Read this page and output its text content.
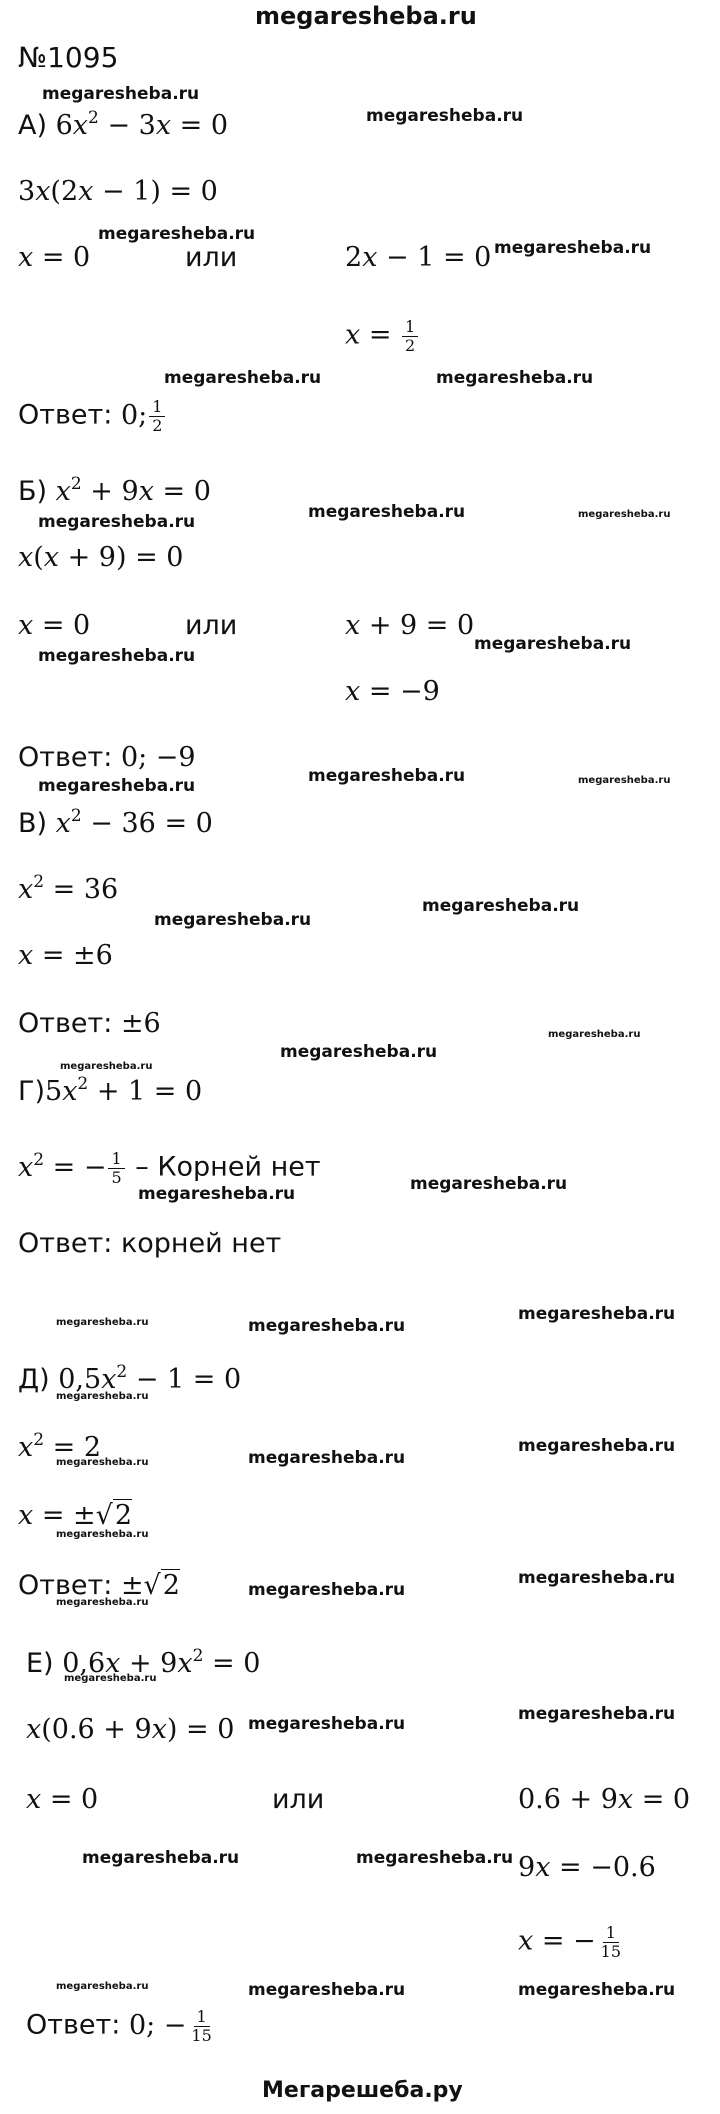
megaresheba.ru
Мегарешеба.ру
№1095
А) $6x^2 - 3x = 0$
3x(2x − 1) = 0
x = 0	или	2x − 1 = 0
$x = \frac{1}{2}$
Ответ: 0; $\frac{1}{2}$
Б) $x^2 + 9x = 0$
x(x + 9) = 0
x = 0	или	x + 9 = 0
x = −9
Ответ: 0; −9
В) $x^2 - 36 = 0$
$x^2 = 36$
x = ±6
Ответ: ±6
$Г)5x^2 + 1 = 0$
$x^2$ = − $\frac{1}{5}$ – Корней нет
Ответ: корней нет
Д) $0,5x^2 - 1 = 0$
$x^2 = 2$
x = ±√2
Ответ: ±√2
Е) $0,6x + 9x^2 = 0$
x(0.6 + 9x) = 0
x = 0	или	0.6 + 9x = 0
9x = −0.6
x = − $\frac{1}{15}$
Ответ: 0; − $\frac{1}{15}$
megaresheba.ru
megaresheba.ru
megaresheba.ru
megaresheba.ru
megaresheba.ru	megaresheba.ru
megaresheba.ru	megaresheba.ru	megaresheba.ru
megaresheba.ru
megaresheba.ru
megaresheba.ru	megaresheba.ru	megaresheba.ru
megaresheba.ru
megaresheba.ru
megaresheba.ru
megaresheba.ru
megaresheba.ru
megaresheba.ru	megaresheba.ru
megaresheba.ru	megaresheba.ru
megaresheba.ru
megaresheba.ru
megaresheba.ru	megaresheba.ru
megaresheba.ru
megaresheba.ru
megaresheba.ru
megaresheba.ru
megaresheba.ru
megaresheba.ru
megaresheba.ru	megaresheba.ru
megaresheba.ru	megaresheba.ru
megaresheba.ru	megaresheba.ru	megaresheba.ru
